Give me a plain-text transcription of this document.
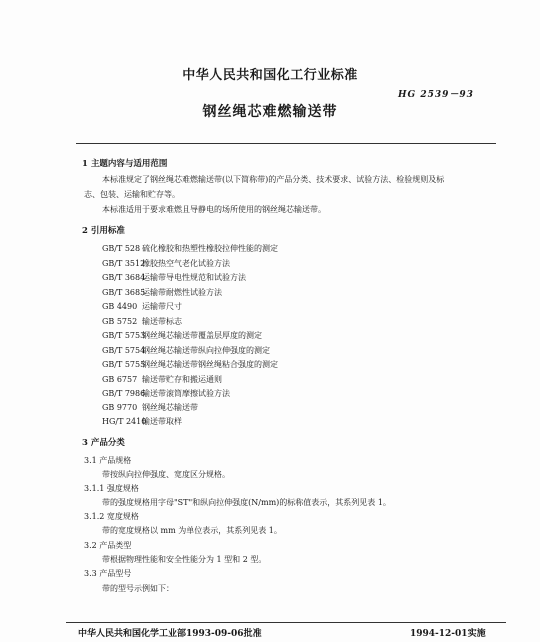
中华人民共和国化工行业标准
HG 2539－93
钢丝绳芯难燃输送带
1 主题内容与适用范围
本标准规定了钢丝绳芯难燃输送带(以下简称带)的产品分类、技术要求、试验方法、检验规则及标
志、包装、运输和贮存等。
本标准适用于要求难燃且导静电的场所使用的钢丝绳芯输送带。
2 引用标准
GB/T 528 硫化橡胶和热塑性橡胶拉伸性能的测定
GB/T 3512橡胶热空气老化试验方法
GB/T 3684运输带导电性规范和试验方法
GB/T 3685运输带耐燃性试验方法
GB 4490 运输带尺寸
GB 5752 输送带标志
GB/T 5753钢丝绳芯输送带覆盖层厚度的测定
GB/T 5754钢丝绳芯输送带纵向拉伸强度的测定
GB/T 5755钢丝绳芯输送带钢丝绳粘合强度的测定
GB 6757 输送带贮存和搬运通则
GB/T 7986输送带滚筒摩擦试验方法
GB 9770 钢丝绳芯输送带
HG/T 2410输送带取样
3 产品分类
3.1 产品规格
带按纵向拉伸强度、宽度区分规格。
3.1.1 强度规格
带的强度规格用字母"ST"和纵向拉伸强度(N/mm)的标称值表示，其系列见表 1。
3.1.2 宽度规格
带的宽度规格以 mm 为单位表示，其系列见表 1。
3.2 产品类型
带根据物理性能和安全性能分为 1 型和 2 型。
3.3 产品型号
带的型号示例如下：
中华人民共和国化学工业部1993-09-06批准	1994-12-01实施
